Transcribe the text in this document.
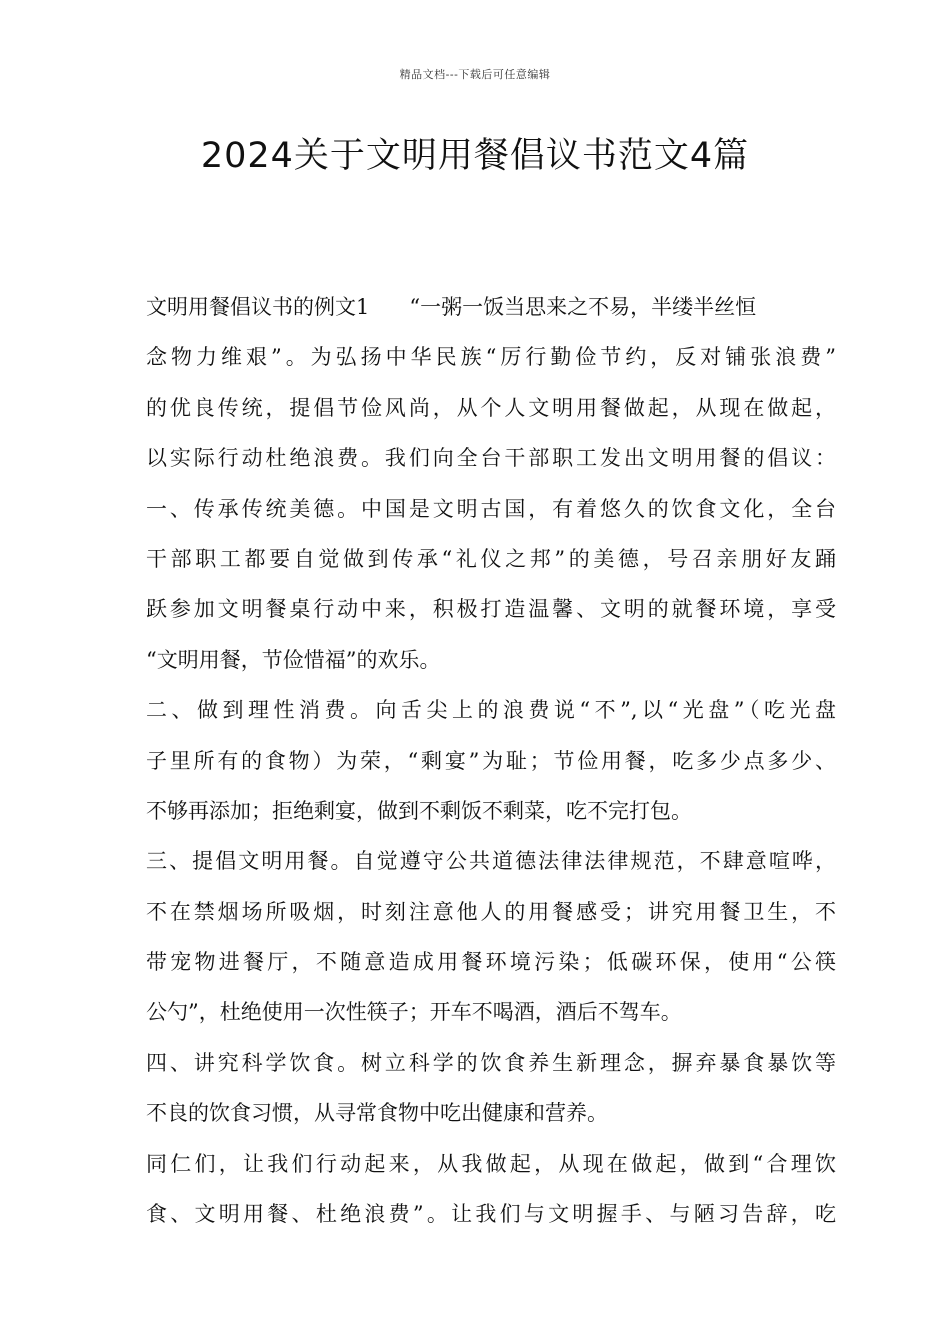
精品文档---下载后可任意编辑
2024关于文明用餐倡议书范文4篇
文明用餐倡议书的例文1      “一粥一饭当思来之不易，半缕半丝恒
念物力维艰”。为弘扬中华民族“厉行勤俭节约，反对铺张浪费”
的优良传统，提倡节俭风尚，从个人文明用餐做起，从现在做起，
以实际行动杜绝浪费。我们向全台干部职工发出文明用餐的倡议：
一、传承传统美德。中国是文明古国，有着悠久的饮食文化，全台
干部职工都要自觉做到传承“礼仪之邦”的美德，号召亲朋好友踊
跃参加文明餐桌行动中来，积极打造温馨、文明的就餐环境，享受
“文明用餐，节俭惜福”的欢乐。
二、做到理性消费。向舌尖上的浪费说“不”,以“光盘”（吃光盘
子里所有的食物）为荣，“剩宴”为耻；节俭用餐，吃多少点多少、
不够再添加；拒绝剩宴，做到不剩饭不剩菜，吃不完打包。
三、提倡文明用餐。自觉遵守公共道德法律法律规范，不肆意喧哗，
不在禁烟场所吸烟，时刻注意他人的用餐感受；讲究用餐卫生，不
带宠物进餐厅，不随意造成用餐环境污染；低碳环保，使用“公筷
公勺”，杜绝使用一次性筷子；开车不喝酒，酒后不驾车。
四、讲究科学饮食。树立科学的饮食养生新理念，摒弃暴食暴饮等
不良的饮食习惯，从寻常食物中吃出健康和营养。
同仁们，让我们行动起来，从我做起，从现在做起，做到“合理饮
食、文明用餐、杜绝浪费”。让我们与文明握手、与陋习告辞，吃
